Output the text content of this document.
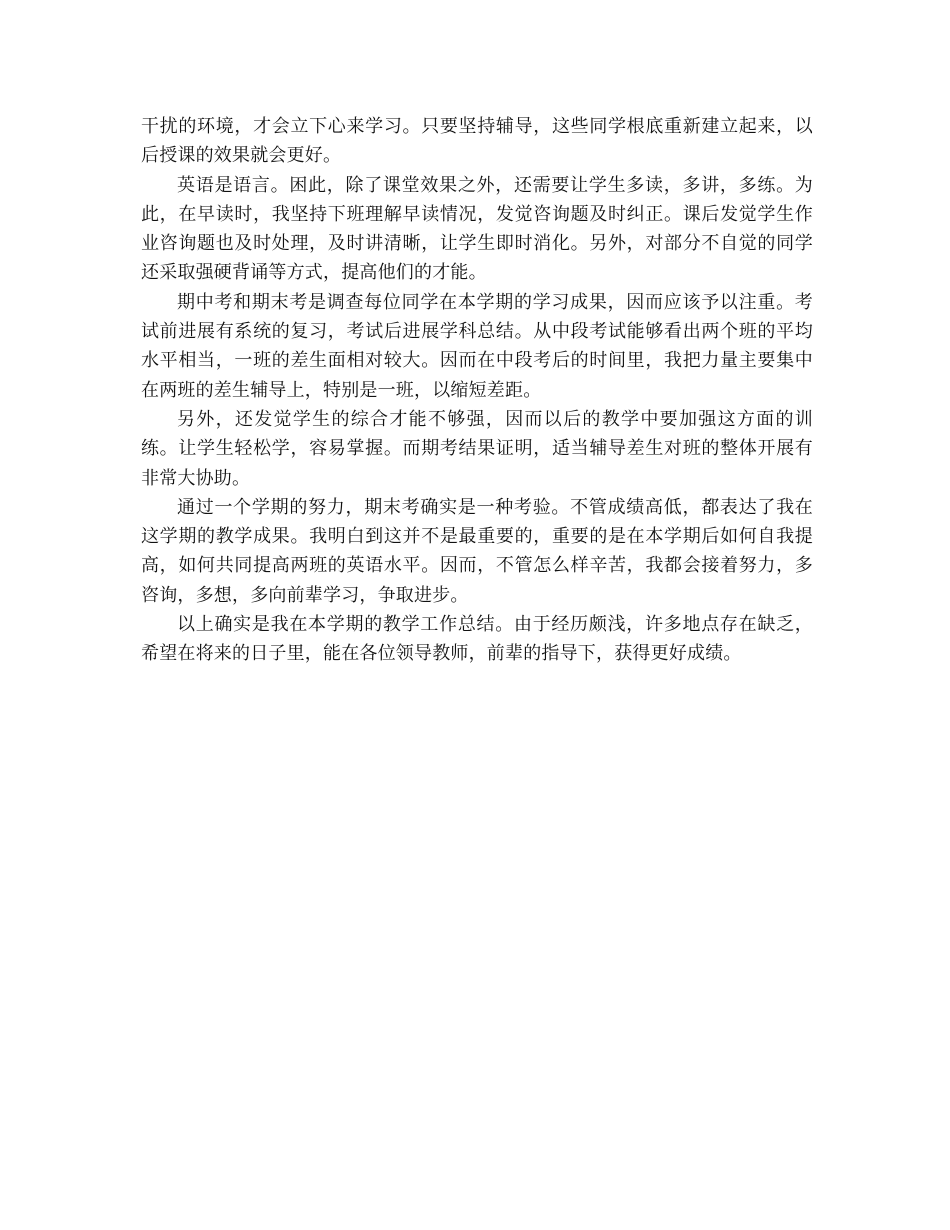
干扰的环境，才会立下心来学习。只要坚持辅导，这些同学根底重新建立起来，以后授课的效果就会更好。

英语是语言。困此，除了课堂效果之外，还需要让学生多读，多讲，多练。为此，在早读时，我坚持下班理解早读情况，发觉咨询题及时纠正。课后发觉学生作业咨询题也及时处理，及时讲清晰，让学生即时消化。另外，对部分不自觉的同学还采取强硬背诵等方式，提高他们的才能。

期中考和期末考是调查每位同学在本学期的学习成果，因而应该予以注重。考试前进展有系统的复习，考试后进展学科总结。从中段考试能够看出两个班的平均水平相当，一班的差生面相对较大。因而在中段考后的时间里，我把力量主要集中在两班的差生辅导上，特别是一班，以缩短差距。

另外，还发觉学生的综合才能不够强，因而以后的教学中要加强这方面的训练。让学生轻松学，容易掌握。而期考结果证明，适当辅导差生对班的整体开展有非常大协助。

通过一个学期的努力，期末考确实是一种考验。不管成绩高低，都表达了我在这学期的教学成果。我明白到这并不是最重要的，重要的是在本学期后如何自我提高，如何共同提高两班的英语水平。因而，不管怎么样辛苦，我都会接着努力，多咨询，多想，多向前辈学习，争取进步。

以上确实是我在本学期的教学工作总结。由于经历颇浅，许多地点存在缺乏，希望在将来的日子里，能在各位领导教师，前辈的指导下，获得更好成绩。
